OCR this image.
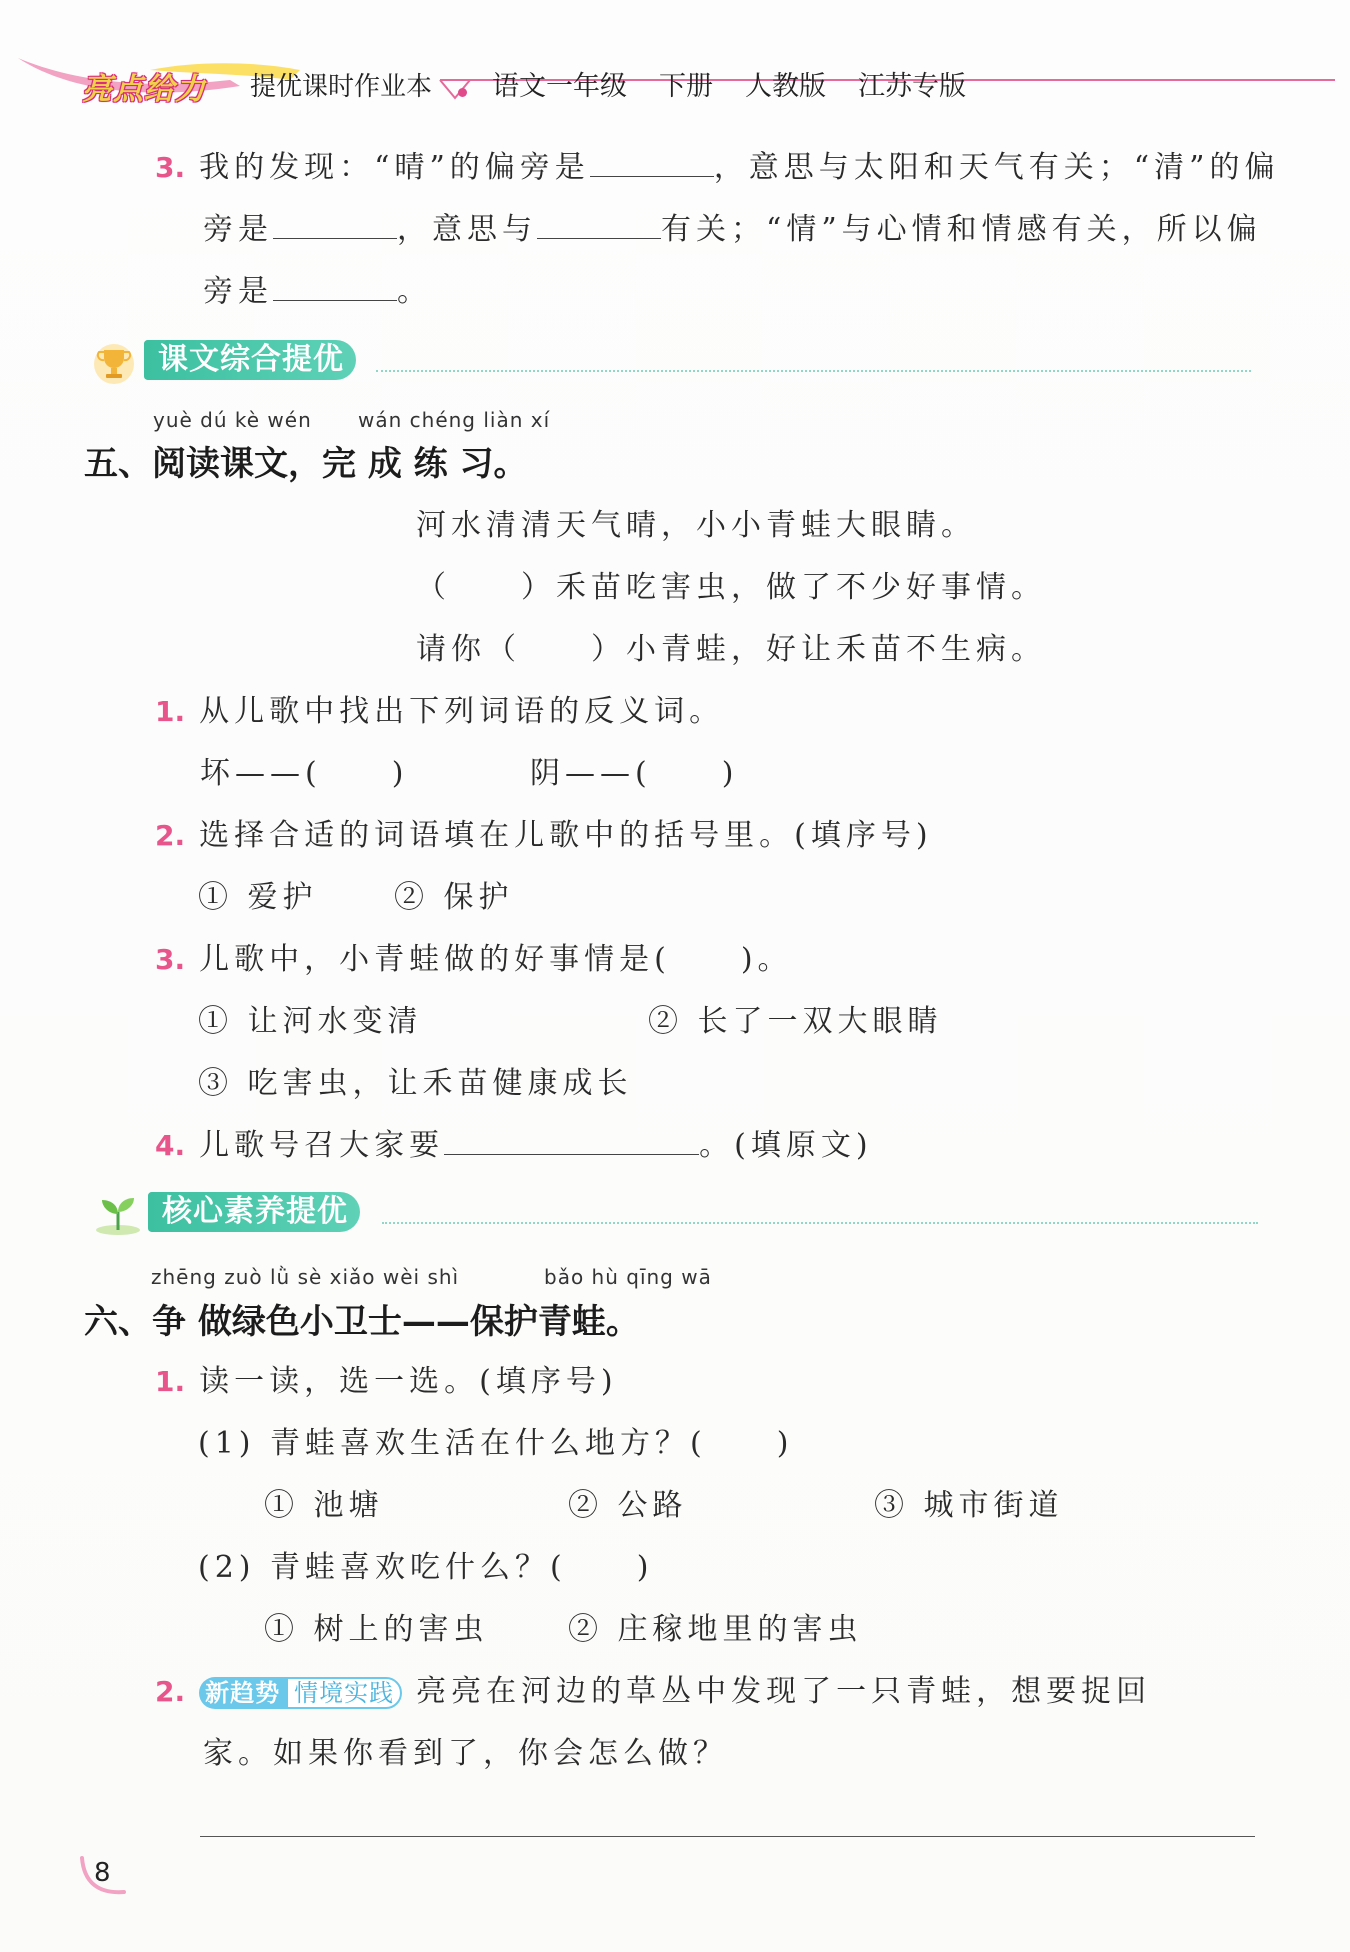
亮点给力 提优课时作业本 语文一年级 下册 人教版 江苏专版
3. 我的发现：“晴”的偏旁是	，意思与太阳和天气有关；“清”的偏
旁是	，意思与	有关；“情”与心情和情感有关，所以偏
旁是	。
课文综合提优
yuè dú kè wén wán chéng liàn xí
五、阅读课文，完 成 练 习。
河水清清天气晴，小小青蛙大眼睛。
（　　）禾苗吃害虫，做了不少好事情。
请你（　　）小青蛙，好让禾苗不生病。
1. 从儿歌中找出下列词语的反义词。
坏——( )	阴——( )
2. 选择合适的词语填在儿歌中的括号里。(填序号)
① 爱护	② 保护
3. 儿歌中，小青蛙做的好事情是(　　)。
① 让河水变清	② 长了一双大眼睛
③ 吃害虫，让禾苗健康成长
4. 儿歌号召大家要	。(填原文)
核心素养提优
zhēng zuò lǜ sè xiǎo wèi shì	bǎo hù qīng wā
六、争 做绿色小卫士——保护青蛙。
1. 读一读，选一选。(填序号)
(1) 青蛙喜欢生活在什么地方？(　　)
① 池塘	② 公路	③ 城市街道
(2) 青蛙喜欢吃什么？(　　)
① 树上的害虫	② 庄稼地里的害虫
2. 新趋势 情境实践 亮亮在河边的草丛中发现了一只青蛙，想要捉回
家。如果你看到了，你会怎么做？
8
